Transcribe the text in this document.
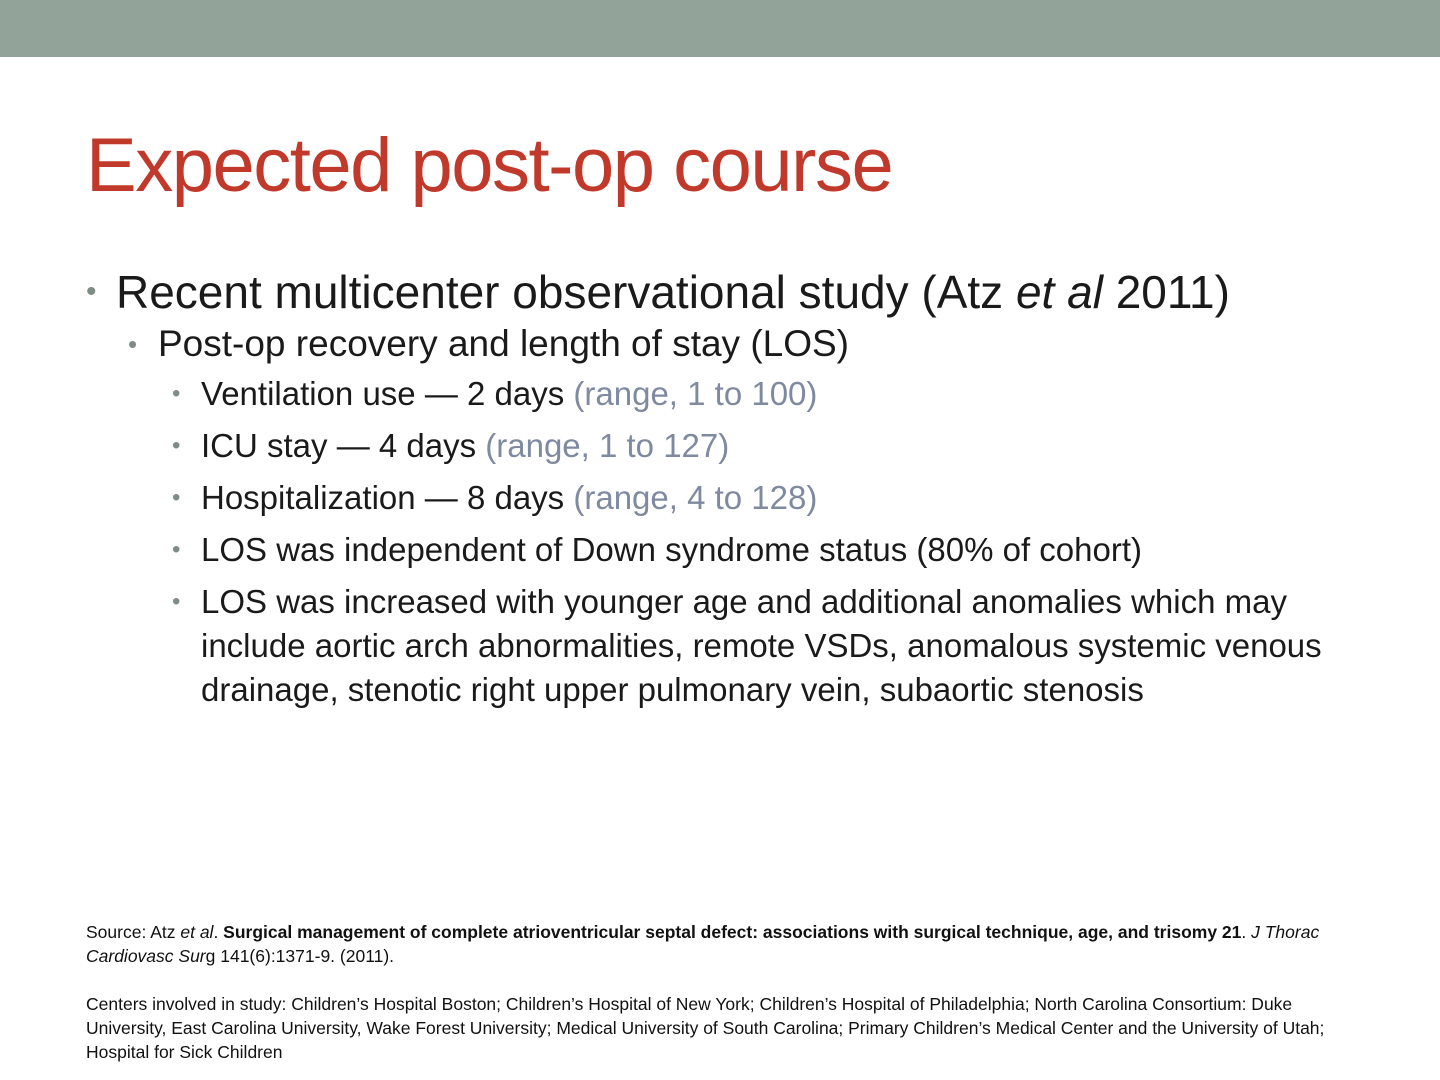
Expected post-op course
• Recent multicenter observational study (Atz et al 2011)
• Post-op recovery and length of stay (LOS)
• Ventilation use — 2 days (range, 1 to 100)
• ICU stay — 4 days (range, 1 to 127)
• Hospitalization — 8 days (range, 4 to 128)
• LOS was independent of Down syndrome status (80% of cohort)
• LOS was increased with younger age and additional anomalies which may include aortic arch abnormalities, remote VSDs, anomalous systemic venous drainage, stenotic right upper pulmonary vein, subaortic stenosis
Source: Atz et al. Surgical management of complete atrioventricular septal defect: associations with surgical technique, age, and trisomy 21. J Thorac Cardiovasc Surg 141(6):1371-9. (2011).
Centers involved in study: Children’s Hospital Boston; Children’s Hospital of New York; Children’s Hospital of Philadelphia; North Carolina Consortium: Duke University, East Carolina University, Wake Forest University; Medical University of South Carolina; Primary Children’s Medical Center and the University of Utah; Hospital for Sick Children
